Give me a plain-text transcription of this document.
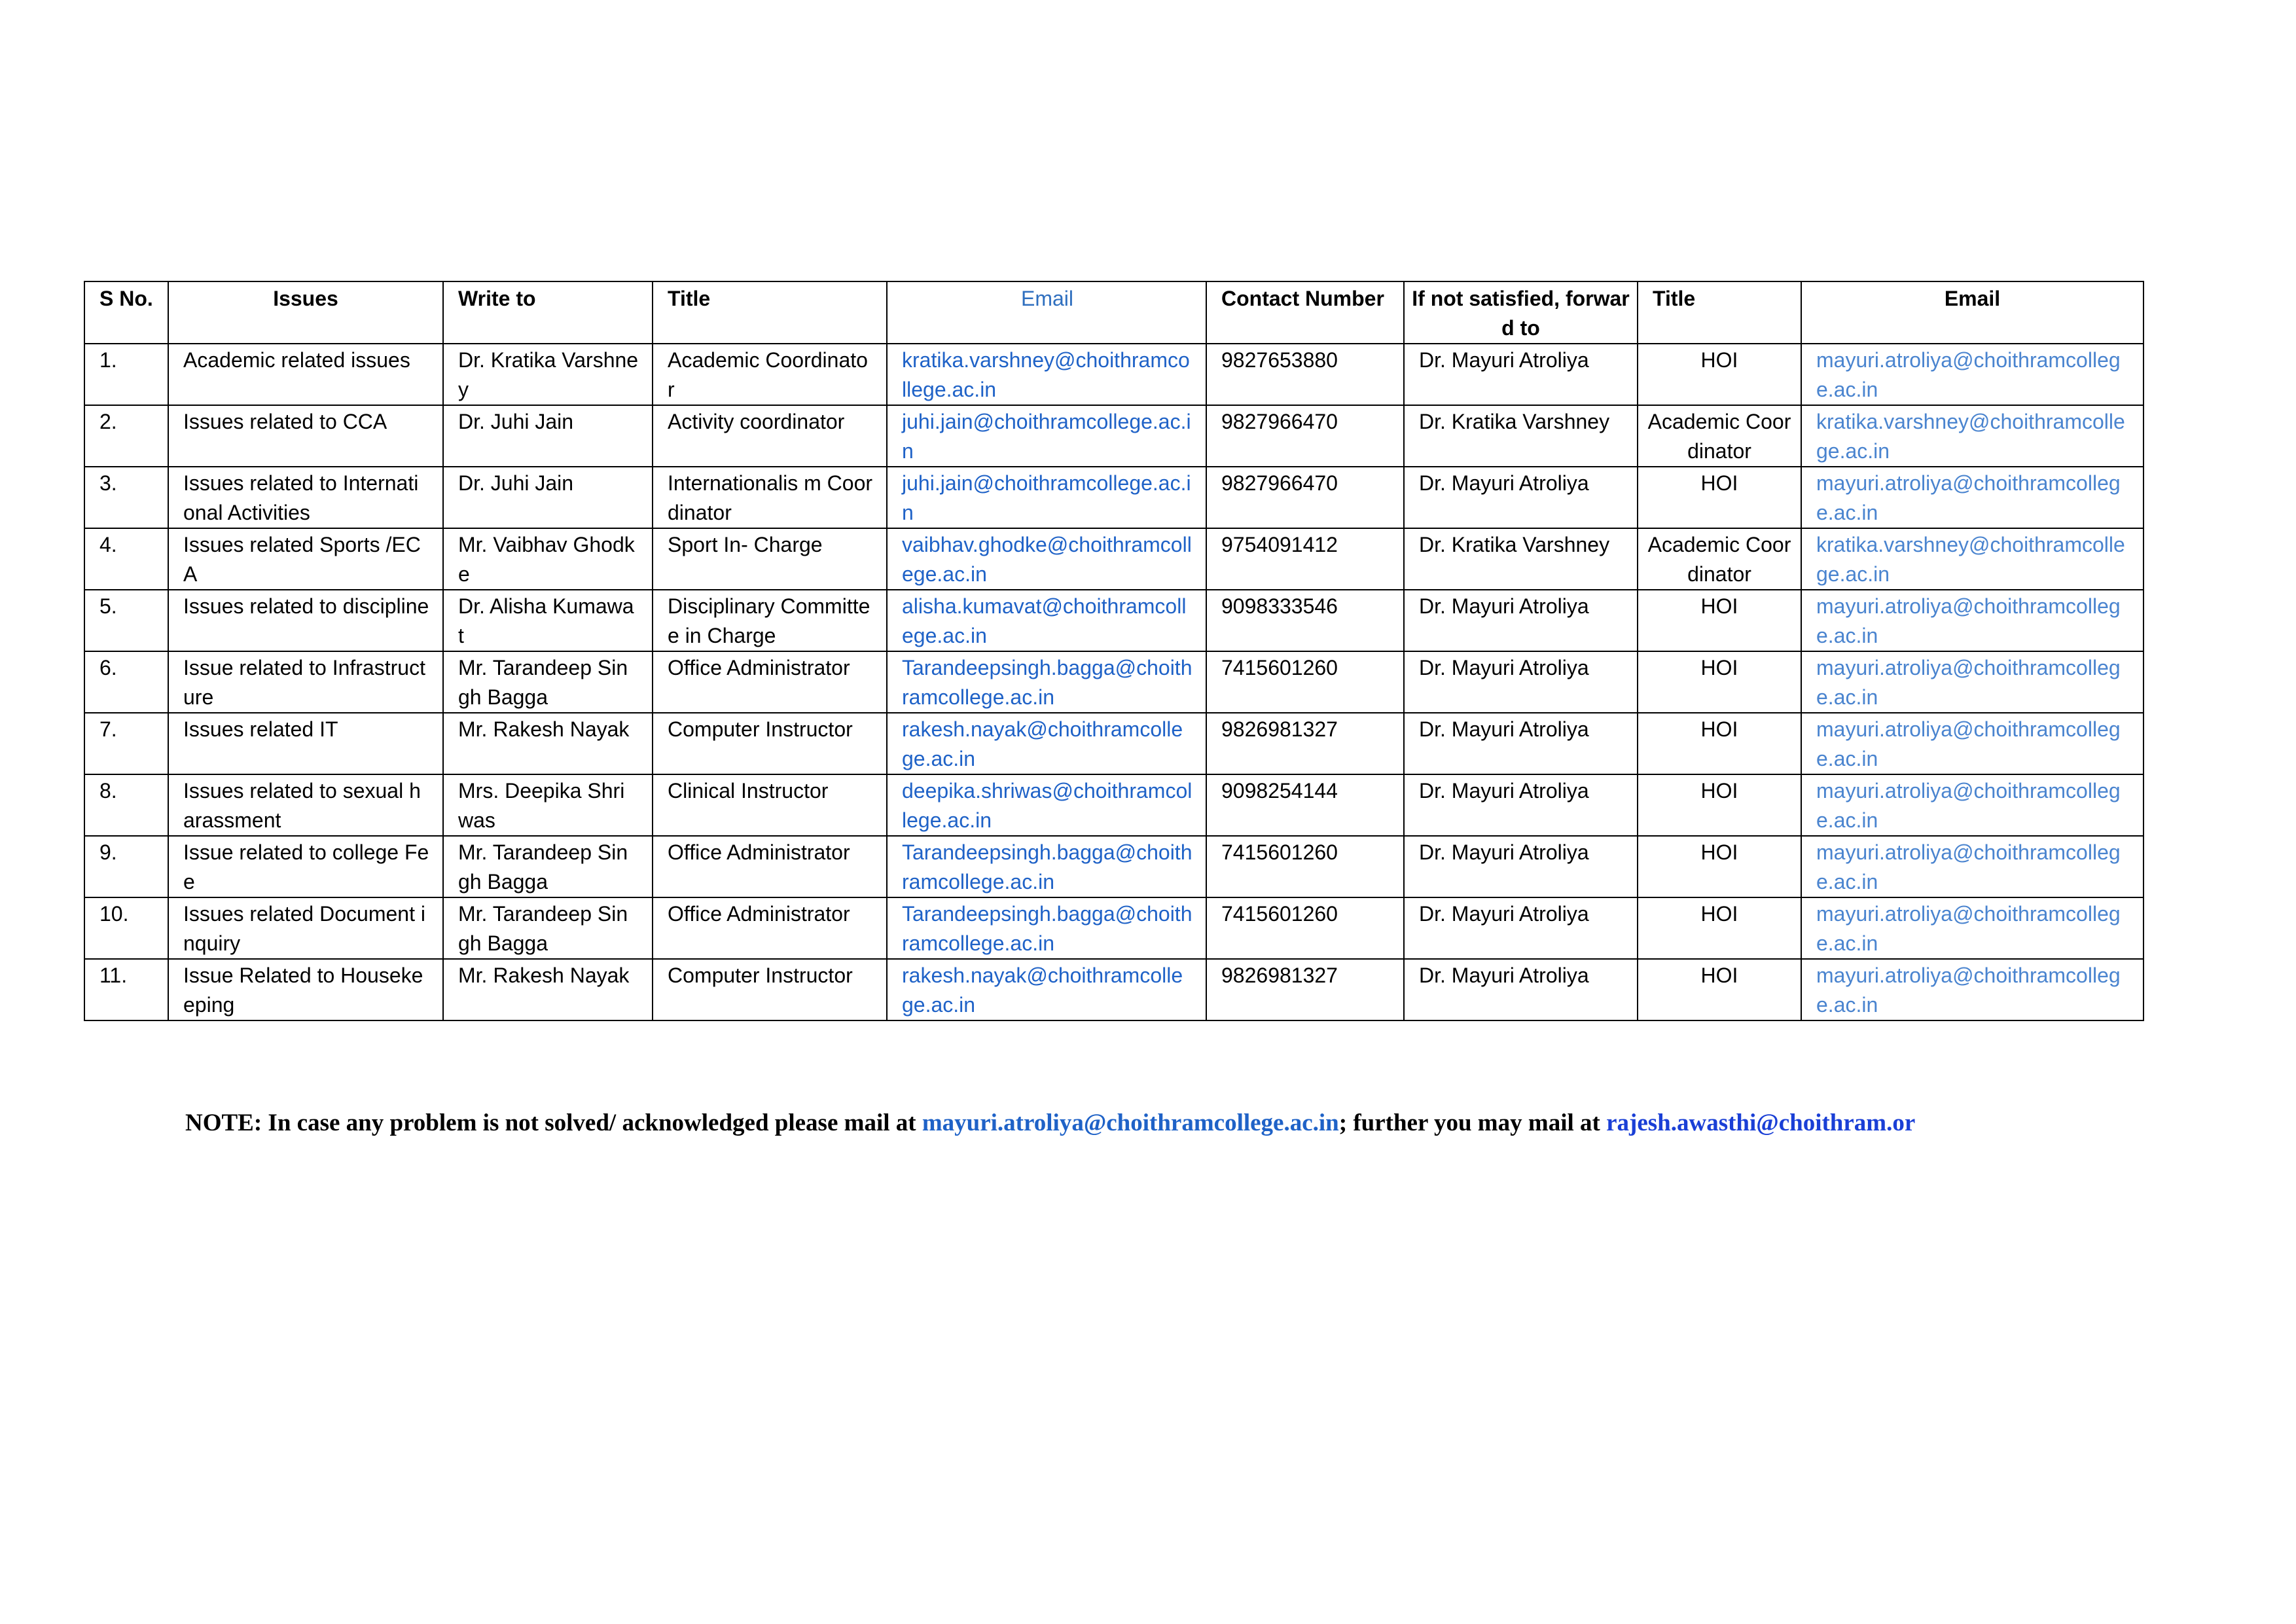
S No.	Issues	Write to	Title	Email	Contact Number	If not satisfied, forward to	Title	Email
1.	Academic related issues	Dr. Kratika Varshney	Academic Coordinator	kratika.varshney@choithramcollege.ac.in	9827653880	Dr. Mayuri Atroliya	HOI	mayuri.atroliya@choithramcollege.ac.in
2.	Issues related to CCA	Dr. Juhi Jain	Activity coordinator	juhi.jain@choithramcollege.ac.in	9827966470	Dr. Kratika Varshney	Academic Coordinator	kratika.varshney@choithramcollege.ac.in
3.	Issues related to International Activities	Dr. Juhi Jain	Internationalis m Coordinator	juhi.jain@choithramcollege.ac.in	9827966470	Dr. Mayuri Atroliya	HOI	mayuri.atroliya@choithramcollege.ac.in
4.	Issues related Sports /ECA	Mr. Vaibhav Ghodke	Sport In- Charge	vaibhav.ghodke@choithramcollege.ac.in	9754091412	Dr. Kratika Varshney	Academic Coordinator	kratika.varshney@choithramcollege.ac.in
5.	Issues related to discipline	Dr. Alisha Kumawat	Disciplinary Committee in Charge	alisha.kumavat@choithramcollege.ac.in	9098333546	Dr. Mayuri Atroliya	HOI	mayuri.atroliya@choithramcollege.ac.in
6.	Issue related to Infrastructure	Mr. Tarandeep Singh Bagga	Office Administrator	Tarandeepsingh.bagga@choithramcollege.ac.in	7415601260	Dr. Mayuri Atroliya	HOI	mayuri.atroliya@choithramcollege.ac.in
7.	Issues related IT	Mr. Rakesh Nayak	Computer Instructor	rakesh.nayak@choithramcollege.ac.in	9826981327	Dr. Mayuri Atroliya	HOI	mayuri.atroliya@choithramcollege.ac.in
8.	Issues related to sexual harassment	Mrs. Deepika Shriwas	Clinical Instructor	deepika.shriwas@choithramcollege.ac.in	9098254144	Dr. Mayuri Atroliya	HOI	mayuri.atroliya@choithramcollege.ac.in
9.	Issue related to college Fee	Mr. Tarandeep Singh Bagga	Office Administrator	Tarandeepsingh.bagga@choithramcollege.ac.in	7415601260	Dr. Mayuri Atroliya	HOI	mayuri.atroliya@choithramcollege.ac.in
10.	Issues related Document inquiry	Mr. Tarandeep Singh Bagga	Office Administrator	Tarandeepsingh.bagga@choithramcollege.ac.in	7415601260	Dr. Mayuri Atroliya	HOI	mayuri.atroliya@choithramcollege.ac.in
11.	Issue Related to Housekeeping	Mr. Rakesh Nayak	Computer Instructor	rakesh.nayak@choithramcollege.ac.in	9826981327	Dr. Mayuri Atroliya	HOI	mayuri.atroliya@choithramcollege.ac.in
NOTE: In case any problem is not solved/ acknowledged please mail at mayuri.atroliya@choithramcollege.ac.in; further you may mail at rajesh.awasthi@choithram.or
